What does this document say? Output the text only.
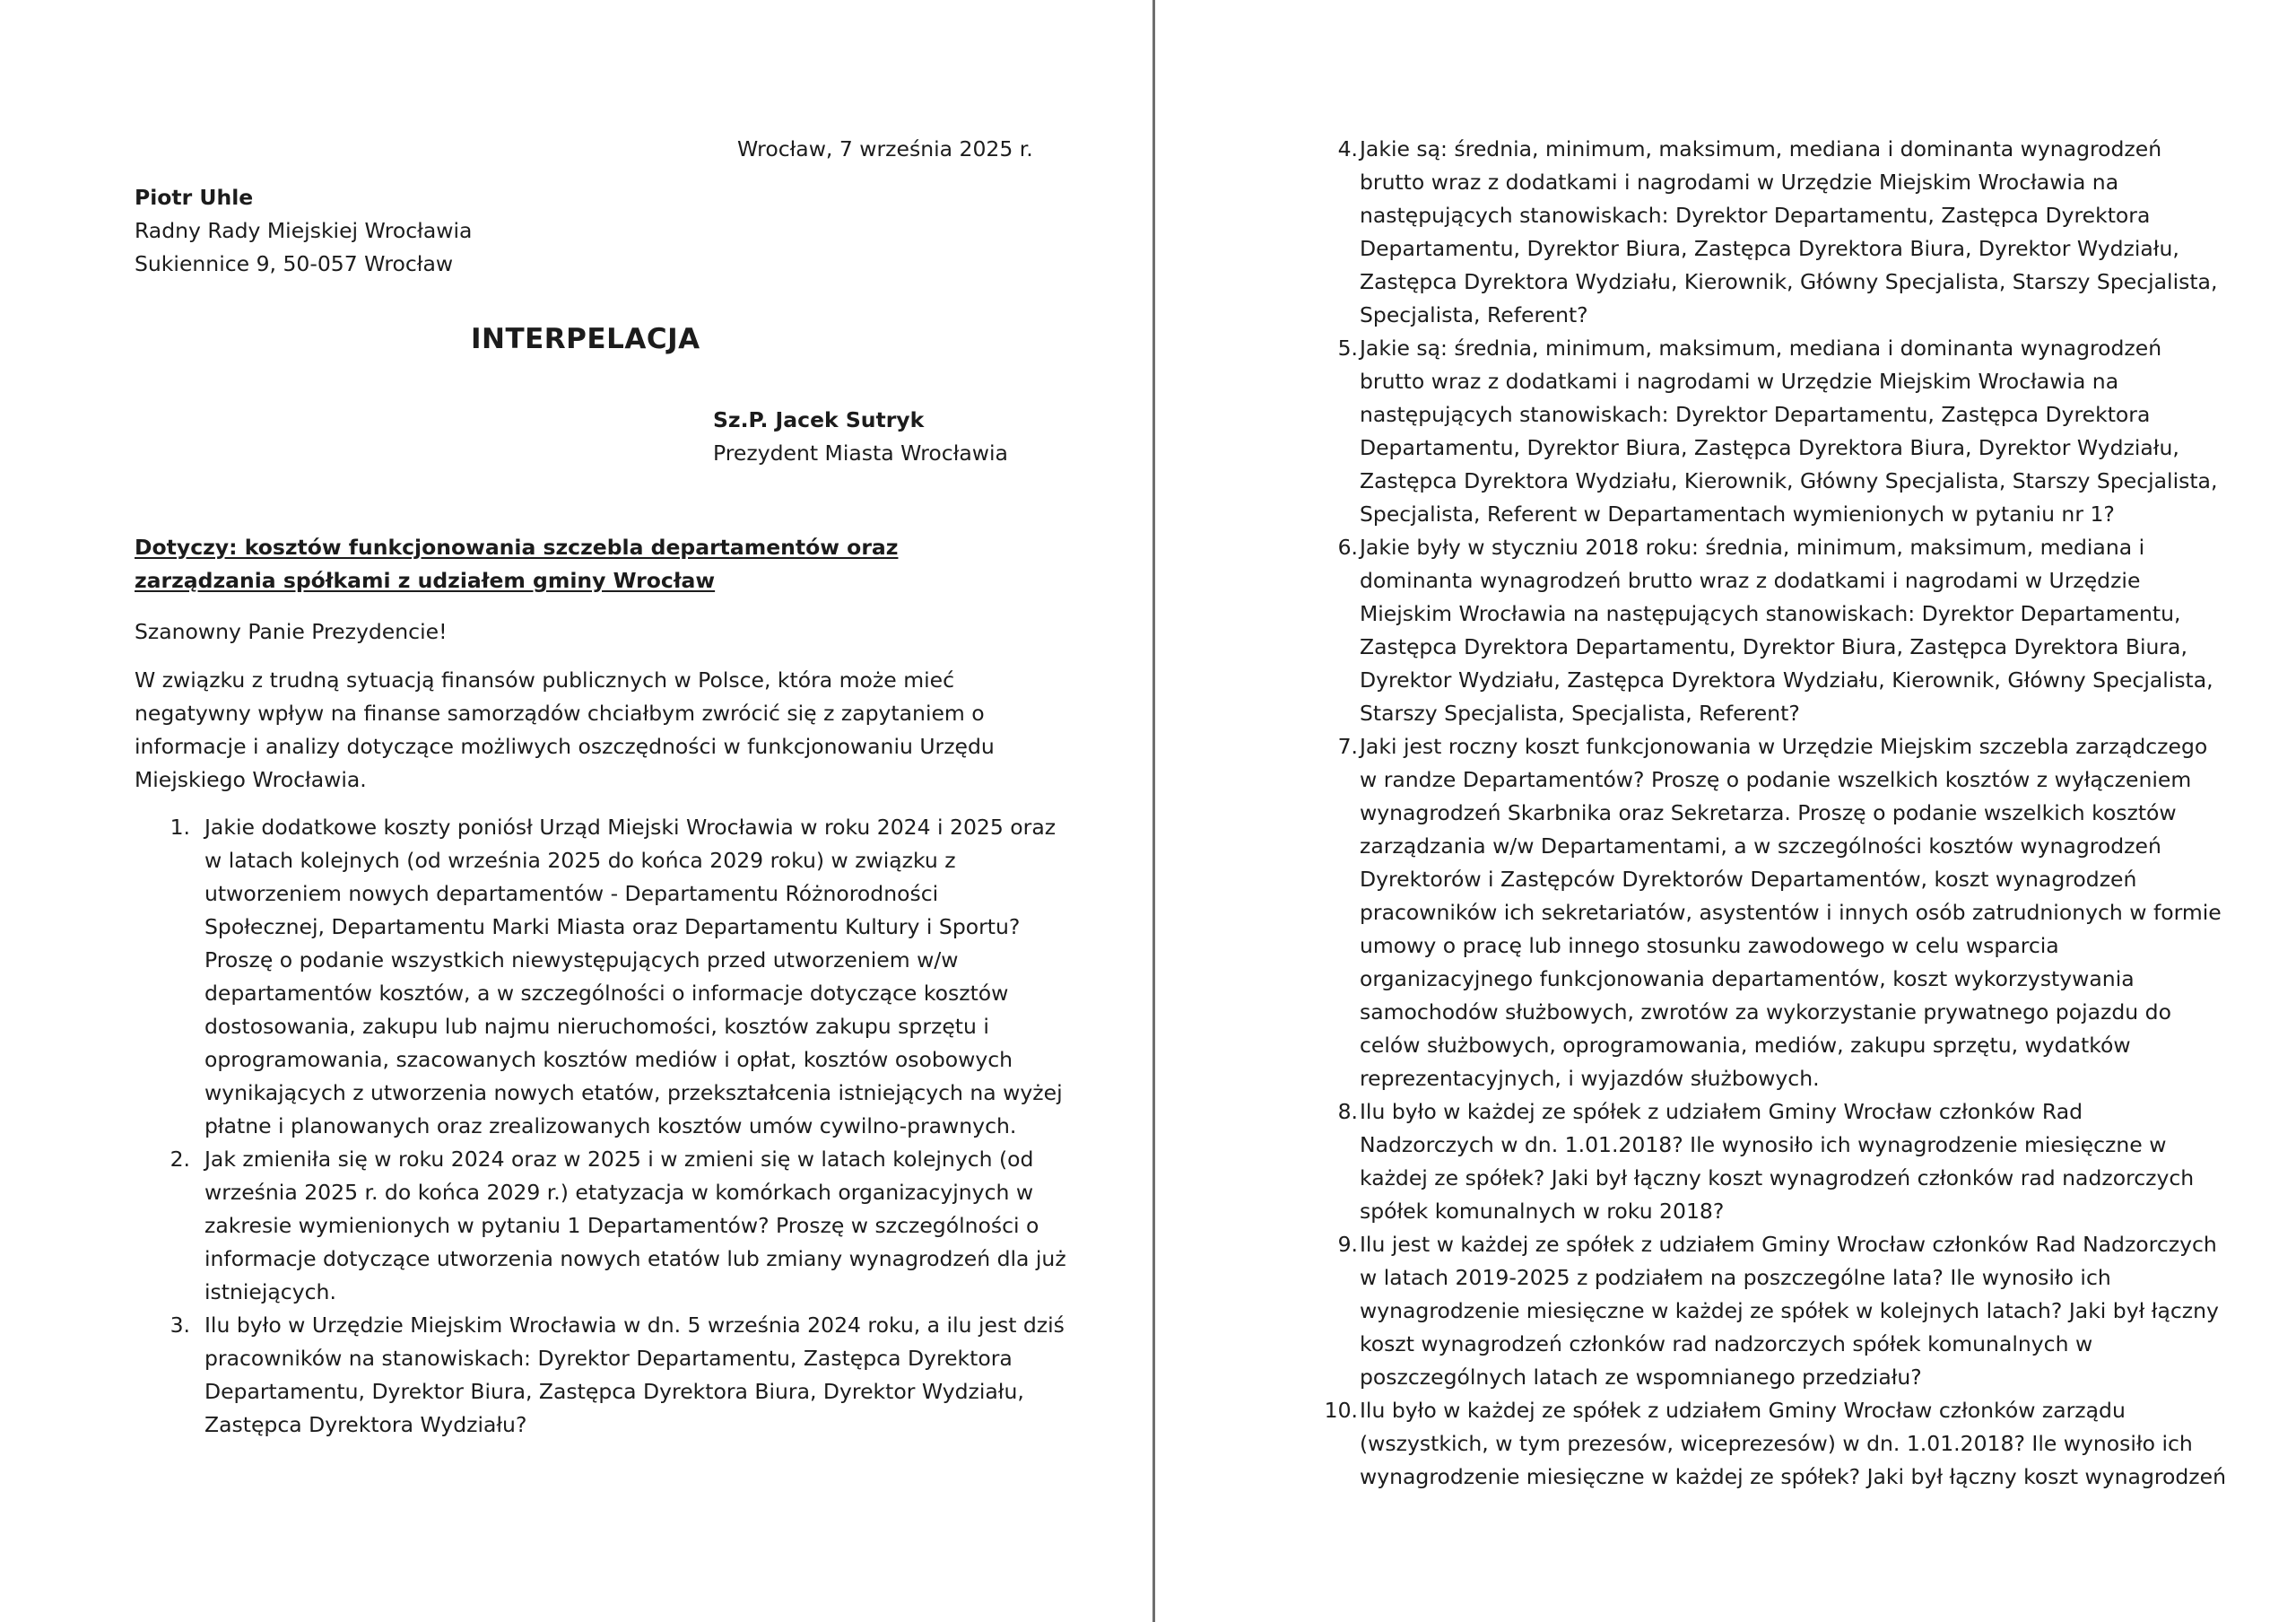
Wrocław, 7 września 2025 r.
Piotr Uhle
Radny Rady Miejskiej Wrocławia
Sukiennice 9, 50-057 Wrocław
INTERPELACJA
Sz.P. Jacek Sutryk
Prezydent Miasta Wrocławia
Dotyczy: kosztów funkcjonowania szczebla departamentów oraz zarządzania spółkami z udziałem gminy Wrocław
Szanowny Panie Prezydencie!
W związku z trudną sytuacją finansów publicznych w Polsce, która może mieć
negatywny wpływ na finanse samorządów chciałbym zwrócić się z zapytaniem o
informacje i analizy dotyczące możliwych oszczędności w funkcjonowaniu Urzędu
Miejskiego Wrocławia.
1. Jakie dodatkowe koszty poniósł Urząd Miejski Wrocławia w roku 2024 i 2025 oraz
w latach kolejnych (od września 2025 do końca 2029 roku) w związku z
utworzeniem nowych departamentów - Departamentu Różnorodności
Społecznej, Departamentu Marki Miasta oraz Departamentu Kultury i Sportu?
Proszę o podanie wszystkich niewystępujących przed utworzeniem w/w
departamentów kosztów, a w szczególności o informacje dotyczące kosztów
dostosowania, zakupu lub najmu nieruchomości, kosztów zakupu sprzętu i
oprogramowania, szacowanych kosztów mediów i opłat, kosztów osobowych
wynikających z utworzenia nowych etatów, przekształcenia istniejących na wyżej
płatne i planowanych oraz zrealizowanych kosztów umów cywilno-prawnych.
2. Jak zmieniła się w roku 2024 oraz w 2025 i w zmieni się w latach kolejnych (od
września 2025 r. do końca 2029 r.) etatyzacja w komórkach organizacyjnych w
zakresie wymienionych w pytaniu 1 Departamentów? Proszę w szczególności o
informacje dotyczące utworzenia nowych etatów lub zmiany wynagrodzeń dla już
istniejących.
3. Ilu było w Urzędzie Miejskim Wrocławia w dn. 5 września 2024 roku, a ilu jest dziś
pracowników na stanowiskach: Dyrektor Departamentu, Zastępca Dyrektora
Departamentu, Dyrektor Biura, Zastępca Dyrektora Biura, Dyrektor Wydziału,
Zastępca Dyrektora Wydziału?
4. Jakie są: średnia, minimum, maksimum, mediana i dominanta wynagrodzeń
brutto wraz z dodatkami i nagrodami w Urzędzie Miejskim Wrocławia na
następujących stanowiskach: Dyrektor Departamentu, Zastępca Dyrektora
Departamentu, Dyrektor Biura, Zastępca Dyrektora Biura, Dyrektor Wydziału,
Zastępca Dyrektora Wydziału, Kierownik, Główny Specjalista, Starszy Specjalista,
Specjalista, Referent?
5. Jakie są: średnia, minimum, maksimum, mediana i dominanta wynagrodzeń
brutto wraz z dodatkami i nagrodami w Urzędzie Miejskim Wrocławia na
następujących stanowiskach: Dyrektor Departamentu, Zastępca Dyrektora
Departamentu, Dyrektor Biura, Zastępca Dyrektora Biura, Dyrektor Wydziału,
Zastępca Dyrektora Wydziału, Kierownik, Główny Specjalista, Starszy Specjalista,
Specjalista, Referent w Departamentach wymienionych w pytaniu nr 1?
6. Jakie były w styczniu 2018 roku: średnia, minimum, maksimum, mediana i
dominanta wynagrodzeń brutto wraz z dodatkami i nagrodami w Urzędzie
Miejskim Wrocławia na następujących stanowiskach: Dyrektor Departamentu,
Zastępca Dyrektora Departamentu, Dyrektor Biura, Zastępca Dyrektora Biura,
Dyrektor Wydziału, Zastępca Dyrektora Wydziału, Kierownik, Główny Specjalista,
Starszy Specjalista, Specjalista, Referent?
7. Jaki jest roczny koszt funkcjonowania w Urzędzie Miejskim szczebla zarządczego
w randze Departamentów? Proszę o podanie wszelkich kosztów z wyłączeniem
wynagrodzeń Skarbnika oraz Sekretarza. Proszę o podanie wszelkich kosztów
zarządzania w/w Departamentami, a w szczególności kosztów wynagrodzeń
Dyrektorów i Zastępców Dyrektorów Departamentów, koszt wynagrodzeń
pracowników ich sekretariatów, asystentów i innych osób zatrudnionych w formie
umowy o pracę lub innego stosunku zawodowego w celu wsparcia
organizacyjnego funkcjonowania departamentów, koszt wykorzystywania
samochodów służbowych, zwrotów za wykorzystanie prywatnego pojazdu do
celów służbowych, oprogramowania, mediów, zakupu sprzętu, wydatków
reprezentacyjnych, i wyjazdów służbowych.
8. Ilu było w każdej ze spółek z udziałem Gminy Wrocław członków Rad
Nadzorczych w dn. 1.01.2018? Ile wynosiło ich wynagrodzenie miesięczne w
każdej ze spółek? Jaki był łączny koszt wynagrodzeń członków rad nadzorczych
spółek komunalnych w roku 2018?
9. Ilu jest w każdej ze spółek z udziałem Gminy Wrocław członków Rad Nadzorczych
w latach 2019-2025 z podziałem na poszczególne lata? Ile wynosiło ich
wynagrodzenie miesięczne w każdej ze spółek w kolejnych latach? Jaki był łączny
koszt wynagrodzeń członków rad nadzorczych spółek komunalnych w
poszczególnych latach ze wspomnianego przedziału?
10. Ilu było w każdej ze spółek z udziałem Gminy Wrocław członków zarządu
(wszystkich, w tym prezesów, wiceprezesów) w dn. 1.01.2018? Ile wynosiło ich
wynagrodzenie miesięczne w każdej ze spółek? Jaki był łączny koszt wynagrodzeń
